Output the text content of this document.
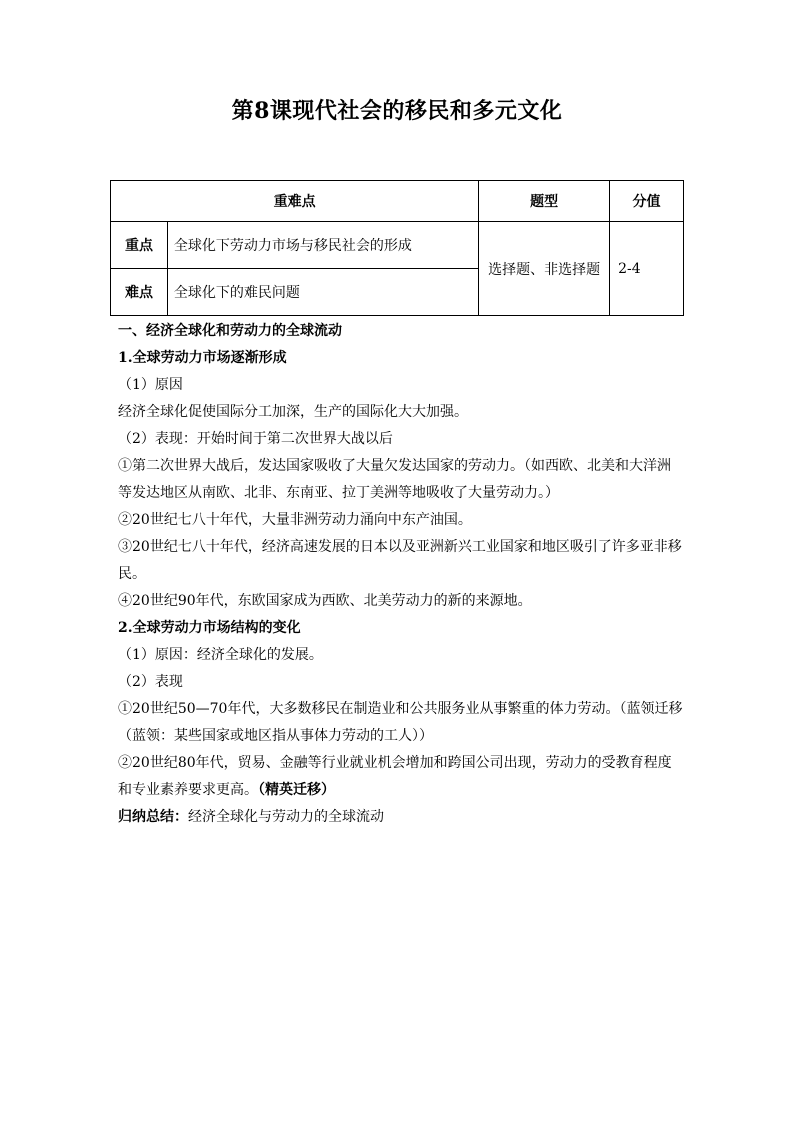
第8课现代社会的移民和多元文化
重难点		题型	分值
重点	全球化下劳动力市场与移民社会的形成	选择题、非选择题	2-4
难点	全球化下的难民问题		

一、经济全球化和劳动力的全球流动

1.全球劳动力市场逐渐形成

（1）原因

经济全球化促使国际分工加深，生产的国际化大大加强。

（2）表现：开始时间于第二次世界大战以后

①第二次世界大战后，发达国家吸收了大量欠发达国家的劳动力。（如西欧、北美和大洋洲等发达地区从南欧、北非、东南亚、拉丁美洲等地吸收了大量劳动力。）

②20世纪七八十年代，大量非洲劳动力涌向中东产油国。

③20世纪七八十年代，经济高速发展的日本以及亚洲新兴工业国家和地区吸引了许多亚非移民。

④20世纪90年代，东欧国家成为西欧、北美劳动力的新的来源地。

2.全球劳动力市场结构的变化

（1）原因：经济全球化的发展。

（2）表现

①20世纪50—70年代，大多数移民在制造业和公共服务业从事繁重的体力劳动。（蓝领迁移（蓝领：某些国家或地区指从事体力劳动的工人））

②20世纪80年代，贸易、金融等行业就业机会增加和跨国公司出现，劳动力的受教育程度和专业素养要求更高。（精英迁移）

归纳总结：经济全球化与劳动力的全球流动
